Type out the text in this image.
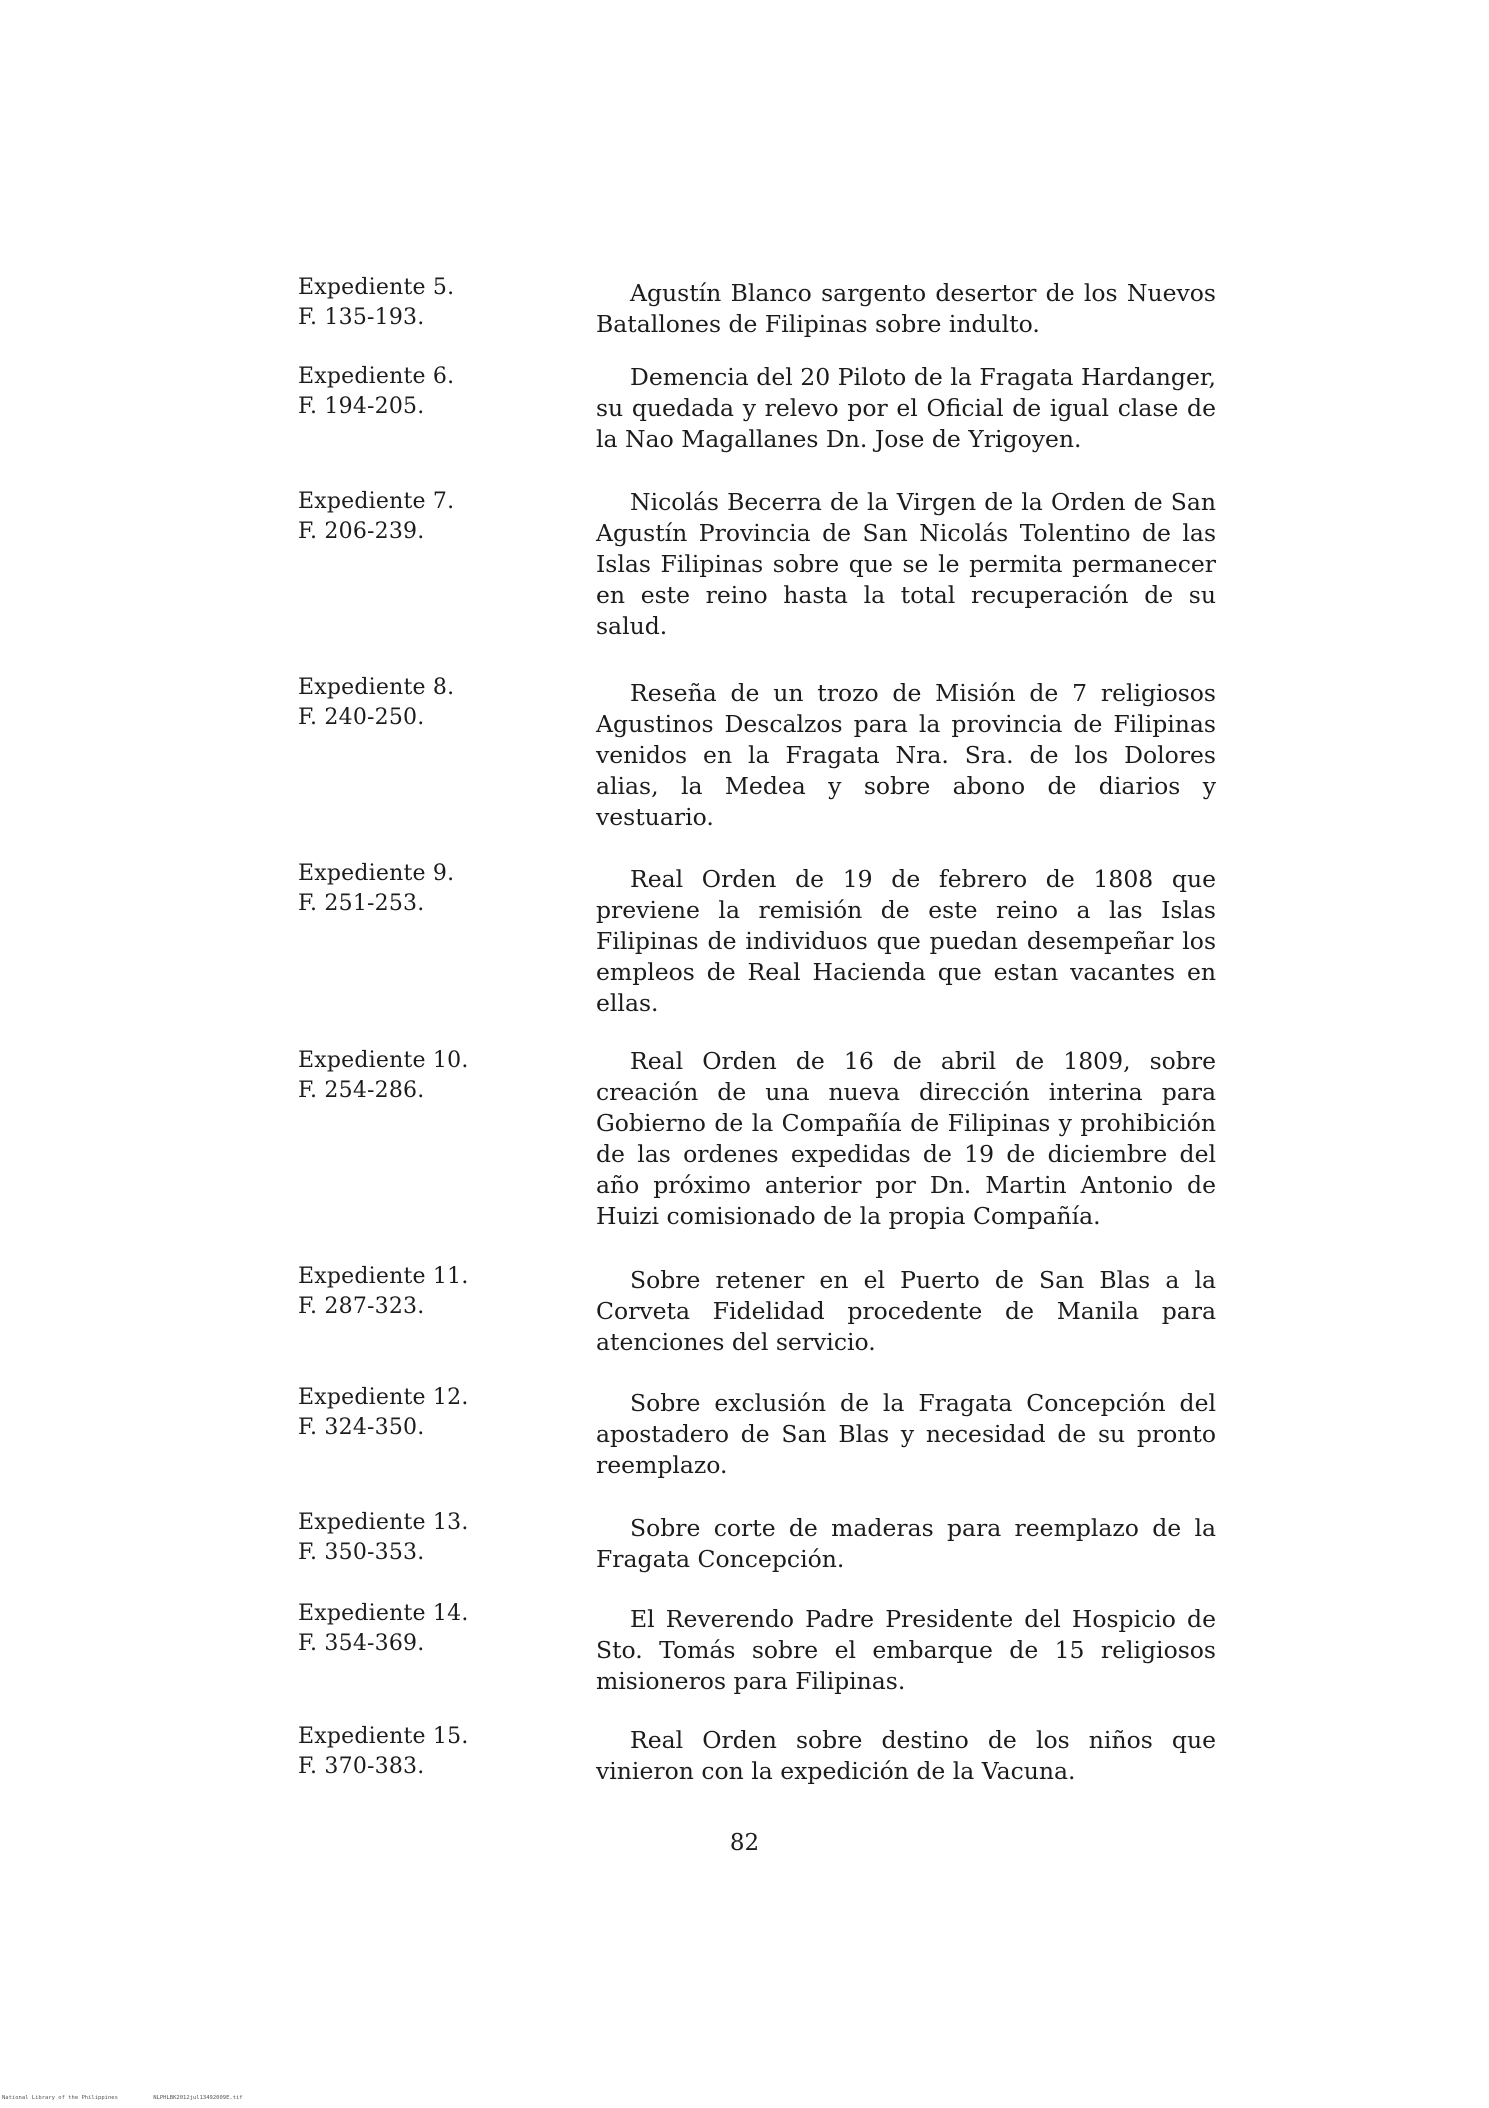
Expediente 5.
F. 135-193.
Agustín Blanco sargento desertor de los Nuevos Batallones de Filipinas sobre indulto.
Expediente 6.
F. 194-205.
Demencia del 20 Piloto de la Fragata Hardanger, su quedada y relevo por el Oficial de igual clase de la Nao Magallanes Dn. Jose de Yrigoyen.
Expediente 7.
F. 206-239.
Nicolás Becerra de la Virgen de la Orden de San Agustín Provincia de San Nicolás Tolentino de las Islas Filipinas sobre que se le permita permanecer en este reino hasta la total recuperación de su salud.
Expediente 8.
F. 240-250.
Reseña de un trozo de Misión de 7 religiosos Agustinos Descalzos para la provincia de Filipinas venidos en la Fragata Nra. Sra. de los Dolores alias, la Medea y sobre abono de diarios y vestuario.
Expediente 9.
F. 251-253.
Real Orden de 19 de febrero de 1808 que previene la remisión de este reino a las Islas Filipinas de individuos que puedan desempeñar los empleos de Real Hacienda que estan vacantes en ellas.
Expediente 10.
F. 254-286.
Real Orden de 16 de abril de 1809, sobre creación de una nueva dirección interina para Gobierno de la Compañía de Filipinas y prohibición de las ordenes expedidas de 19 de diciembre del año próximo anterior por Dn. Martin Antonio de Huizi comisionado de la propia Compañía.
Expediente 11.
F. 287-323.
Sobre retener en el Puerto de San Blas a la Corveta Fidelidad procedente de Manila para atenciones del servicio.
Expediente 12.
F. 324-350.
Sobre exclusión de la Fragata Concepción del apostadero de San Blas y necesidad de su pronto reemplazo.
Expediente 13.
F. 350-353.
Sobre corte de maderas para reemplazo de la Fragata Concepción.
Expediente 14.
F. 354-369.
El Reverendo Padre Presidente del Hospicio de Sto. Tomás sobre el embarque de 15 religiosos misioneros para Filipinas.
Expediente 15.
F. 370-383.
Real Orden sobre destino de los niños que vinieron con la expedición de la Vacuna.
82
National Library of the Philippines	NLPHLBK2012jul13492009E.tif
